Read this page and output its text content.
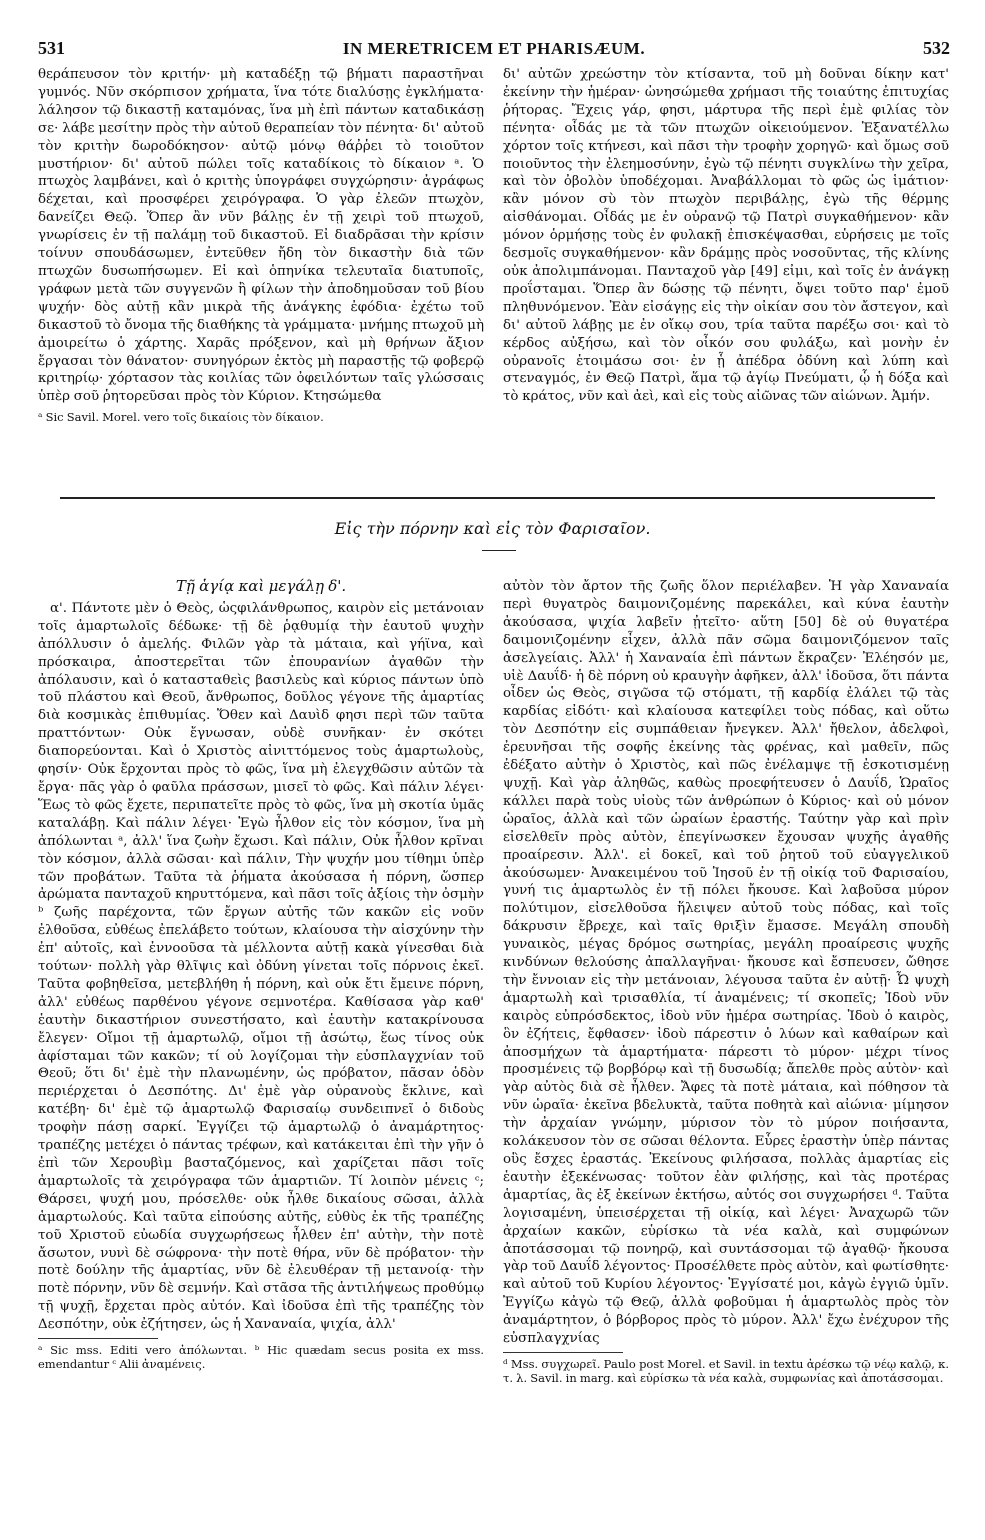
531	IN MERETRICEM ET PHARISÆUM.	532

θεράπευσον τὸν κριτήν· μὴ καταδέξῃ τῷ βήματι παραστῆναι γυμνός. Νῦν σκόρπισον χρήματα, ἵνα τότε διαλύσῃς ἐγκλήματα· λάλησον τῷ δικαστῇ καταμόνας, ἵνα μὴ ἐπὶ πάντων καταδικάσῃ σε· λάβε μεσίτην πρὸς τὴν αὐτοῦ θεραπείαν τὸν πένητα· δι' αὐτοῦ τὸν κριτὴν δωροδόκησον· αὐτῷ μόνῳ θάῤῥει τὸ τοιοῦτον μυστήριον· δι' αὐτοῦ πώλει τοῖς καταδίκοις τὸ δίκαιον ᵃ. Ὁ πτωχὸς λαμβάνει, καὶ ὁ κριτὴς ὑπογράφει συγχώρησιν· ἀγράφως δέχεται, καὶ προσφέρει χειρόγραφα. Ὁ γὰρ ἐλεῶν πτωχὸν, δανείζει Θεῷ. Ὅπερ ἂν νῦν βάλῃς ἐν τῇ χειρὶ τοῦ πτωχοῦ, γνωρίσεις ἐν τῇ παλάμῃ τοῦ δικαστοῦ. Εἰ διαδρᾶσαι τὴν κρίσιν τοίνυν σπουδάσωμεν, ἐντεῦθεν ἤδη τὸν δικαστὴν διὰ τῶν πτωχῶν δυσωπήσωμεν. Εἰ καὶ ὁπηνίκα τελευταῖα διατυποῖς, γράφων μετὰ τῶν συγγενῶν ἢ φίλων τὴν ἀποδημοῦσαν τοῦ βίου ψυχήν· δὸς αὐτῇ κἂν μικρὰ τῆς ἀνάγκης ἐφόδια· ἐχέτω τοῦ δικαστοῦ τὸ ὄνομα τῆς διαθήκης τὰ γράμματα· μνήμης πτωχοῦ μὴ ἀμοιρείτω ὁ χάρτης. Χαρᾶς πρόξενον, καὶ μὴ θρήνων ἄξιον ἔργασαι τὸν θάνατον· συνηγόρων ἐκτὸς μὴ παραστῇς τῷ φοβερῷ κριτηρίῳ· χόρτασον τὰς κοιλίας τῶν ὀφειλόντων ταῖς γλώσσαις ὑπὲρ σοῦ ῥητορεῦσαι πρὸς τὸν Κύριον. Κτησώμεθα

ᵃ Sic Savil. Morel. vero τοῖς δικαίοις τὸν δίκαιον.

δι' αὐτῶν χρεώστην τὸν κτίσαντα, τοῦ μὴ δοῦναι δίκην κατ' ἐκείνην τὴν ἡμέραν· ὠνησώμεθα χρήμασι τῆς τοιαύτης ἐπιτυχίας ῥήτορας. Ἔχεις γάρ, φησι, μάρτυρα τῆς περὶ ἐμὲ φιλίας τὸν πένητα· οἶδάς με τὰ τῶν πτωχῶν οἰκειούμενον. Ἐξανατέλλω χόρτον τοῖς κτήνεσι, καὶ πᾶσι τὴν τροφὴν χορηγῶ· καὶ ὅμως σοῦ ποιοῦντος τὴν ἐλεημοσύνην, ἐγὼ τῷ πένητι συγκλίνω τὴν χεῖρα, καὶ τὸν ὀβολὸν ὑποδέχομαι. Ἀναβάλλομαι τὸ φῶς ὡς ἱμάτιον· κἂν μόνον σὺ τὸν πτωχὸν περιβάλῃς, ἐγὼ τῆς θέρμης αἰσθάνομαι. Οἶδάς με ἐν οὐρανῷ τῷ Πατρὶ συγκαθήμενον· κἂν μόνον ὁρμήσῃς τοὺς ἐν φυλακῇ ἐπισκέψασθαι, εὑρήσεις με τοῖς δεσμοῖς συγκαθήμενον· κἂν δράμῃς πρὸς νοσοῦντας, τῆς κλίνης οὐκ ἀπολιμπάνομαι. Πανταχοῦ γὰρ [49] εἰμι, καὶ τοῖς ἐν ἀνάγκῃ προΐσταμαι. Ὅπερ ἂν δώσῃς τῷ πένητι, ὄψει τοῦτο παρ' ἐμοῦ πληθυνόμενον. Ἐὰν εἰσάγῃς εἰς τὴν οἰκίαν σου τὸν ἄστεγον, καὶ δι' αὐτοῦ λάβῃς με ἐν οἴκῳ σου, τρία ταῦτα παρέξω σοι· καὶ τὸ κέρδος αὐξήσω, καὶ τὸν οἶκόν σου φυλάξω, καὶ μονὴν ἐν οὐρανοῖς ἑτοιμάσω σοι· ἐν ᾗ ἀπέδρα ὀδύνη καὶ λύπη καὶ στεναγμός, ἐν Θεῷ Πατρὶ, ἅμα τῷ ἁγίῳ Πνεύματι, ᾧ ἡ δόξα καὶ τὸ κράτος, νῦν καὶ ἀεὶ, καὶ εἰς τοὺς αἰῶνας τῶν αἰώνων. Ἀμήν.

Εἰς τὴν πόρνην καὶ εἰς τὸν Φαρισαῖον.

Τῇ ἁγίᾳ καὶ μεγάλῃ δ'.

α'. Πάντοτε μὲν ὁ Θεὸς, ὡςφιλάνθρωπος, καιρὸν εἰς μετάνοιαν τοῖς ἁμαρτωλοῖς δέδωκε· τῇ δὲ ῥᾳθυμίᾳ τὴν ἑαυτοῦ ψυχὴν ἀπόλλυσιν ὁ ἀμελής. Φιλῶν γὰρ τὰ μάταια, καὶ γήϊνα, καὶ πρόσκαιρα, ἀποστερεῖται τῶν ἐπουρανίων ἀγαθῶν τὴν ἀπόλαυσιν, καὶ ὁ κατασταθεὶς βασιλεὺς καὶ κύριος πάντων ὑπὸ τοῦ πλάστου καὶ Θεοῦ, ἄνθρωπος, δοῦλος γέγονε τῆς ἁμαρτίας διὰ κοσμικὰς ἐπιθυμίας. Ὅθεν καὶ Δαυὶδ φησι περὶ τῶν ταῦτα πραττόντων· Οὐκ ἔγνωσαν, οὐδὲ συνῆκαν· ἐν σκότει διαπορεύονται. Καὶ ὁ Χριστὸς αἰνιττόμενος τοὺς ἁμαρτωλοὺς, φησίν· Οὐκ ἔρχονται πρὸς τὸ φῶς, ἵνα μὴ ἐλεγχθῶσιν αὐτῶν τὰ ἔργα· πᾶς γὰρ ὁ φαῦλα πράσσων, μισεῖ τὸ φῶς. Καὶ πάλιν λέγει· Ἕως τὸ φῶς ἔχετε, περιπατεῖτε πρὸς τὸ φῶς, ἵνα μὴ σκοτία ὑμᾶς καταλάβῃ. Καὶ πάλιν λέγει· Ἐγὼ ἦλθον εἰς τὸν κόσμον, ἵνα μὴ ἀπόλωνται ᵃ, ἀλλ' ἵνα ζωὴν ἔχωσι. Καὶ πάλιν, Οὐκ ἦλθον κρῖναι τὸν κόσμον, ἀλλὰ σῶσαι· καὶ πάλιν, Τὴν ψυχήν μου τίθημι ὑπὲρ τῶν προβάτων. Ταῦτα τὰ ῥήματα ἀκούσασα ἡ πόρνη, ὥσπερ ἀρώματα πανταχοῦ κηρυττόμενα, καὶ πᾶσι τοῖς ἀξίοις τὴν ὀσμὴν ᵇ ζωῆς παρέχοντα, τῶν ἔργων αὐτῆς τῶν κακῶν εἰς νοῦν ἐλθοῦσα, εὐθέως ἐπελάβετο τούτων, κλαίουσα τὴν αἰσχύνην τὴν ἐπ' αὐτοῖς, καὶ ἐννοοῦσα τὰ μέλλοντα αὐτῇ κακὰ γίνεσθαι διὰ τούτων· πολλὴ γὰρ θλῖψις καὶ ὀδύνη γίνεται τοῖς πόρνοις ἐκεῖ. Ταῦτα φοβηθεῖσα, μετεβλήθη ἡ πόρνη, καὶ οὐκ ἔτι ἔμεινε πόρνη, ἀλλ' εὐθέως παρθένου γέγονε σεμνοτέρα. Καθίσασα γὰρ καθ' ἑαυτὴν δικαστήριον συνεστήσατο, καὶ ἑαυτὴν κατακρίνουσα ἔλεγεν· Οἴμοι τῇ ἁμαρτωλῷ, οἴμοι τῇ ἀσώτῳ, ἕως τίνος οὐκ ἀφίσταμαι τῶν κακῶν; τί οὐ λογίζομαι τὴν εὐσπλαγχνίαν τοῦ Θεοῦ; ὅτι δι' ἐμὲ τὴν πλανωμένην, ὡς πρόβατον, πᾶσαν ὁδὸν περιέρχεται ὁ Δεσπότης. Δι' ἐμὲ γὰρ οὐρανοὺς ἔκλινε, καὶ κατέβη· δι' ἐμὲ τῷ ἁμαρτωλῷ Φαρισαίῳ συνδειπνεῖ ὁ διδοὺς τροφὴν πάσῃ σαρκί. Ἐγγίζει τῷ ἁμαρτωλῷ ὁ ἀναμάρτητος· τραπέζης μετέχει ὁ πάντας τρέφων, καὶ κατάκειται ἐπὶ τὴν γῆν ὁ ἐπὶ τῶν Χερουβὶμ βασταζόμενος, καὶ χαρίζεται πᾶσι τοῖς ἁμαρτωλοῖς τὰ χειρόγραφα τῶν ἁμαρτιῶν. Τί λοιπὸν μένεις ᶜ; Θάρσει, ψυχή μου, πρόσελθε· οὐκ ἦλθε δικαίους σῶσαι, ἀλλὰ ἁμαρτωλούς. Καὶ ταῦτα εἰπούσης αὐτῆς, εὐθὺς ἐκ τῆς τραπέζης τοῦ Χριστοῦ εὐωδία συγχωρήσεως ἦλθεν ἐπ' αὐτὴν, τὴν ποτὲ ἄσωτον, νυνὶ δὲ σώφρονα· τὴν ποτὲ θήρα, νῦν δὲ πρόβατον· τὴν ποτὲ δούλην τῆς ἁμαρτίας, νῦν δὲ ἐλευθέραν τῇ μετανοίᾳ· τὴν ποτὲ πόρνην, νῦν δὲ σεμνήν. Καὶ στᾶσα τῆς ἀντιλήψεως προθύμῳ τῇ ψυχῇ, ἔρχεται πρὸς αὐτόν. Καὶ ἰδοῦσα ἐπὶ τῆς τραπέζης τὸν Δεσπότην, οὐκ ἐζήτησεν, ὡς ἡ Χαναναία, ψιχία, ἀλλ'

ᵃ Sic mss. Editi vero ἀπόλωνται. ᵇ Hic quædam secus posita ex mss. emendantur ᶜ Alii ἀναμένεις.

αὐτὸν τὸν ἄρτον τῆς ζωῆς ὅλον περιέλαβεν. Ἡ γὰρ Χαναναία περὶ θυγατρὸς δαιμονιζομένης παρεκάλει, καὶ κύνα ἑαυτὴν ἀκούσασα, ψιχία λαβεῖν ᾐτεῖτο· αὕτη [50] δὲ οὐ θυγατέρα δαιμονιζομένην εἶχεν, ἀλλὰ πᾶν σῶμα δαιμονιζόμενον ταῖς ἀσελγείαις. Ἀλλ' ἡ Χαναναία ἐπὶ πάντων ἔκραζεν· Ἐλέησόν με, υἱὲ Δαυΐδ· ἡ δὲ πόρνη οὐ κραυγὴν ἀφῆκεν, ἀλλ' ἰδοῦσα, ὅτι πάντα οἶδεν ὡς Θεὸς, σιγῶσα τῷ στόματι, τῇ καρδίᾳ ἐλάλει τῷ τὰς καρδίας εἰδότι· καὶ κλαίουσα κατεφίλει τοὺς πόδας, καὶ οὕτω τὸν Δεσπότην εἰς συμπάθειαν ἤνεγκεν. Ἀλλ' ἤθελον, ἀδελφοὶ, ἐρευνῆσαι τῆς σοφῆς ἐκείνης τὰς φρένας, καὶ μαθεῖν, πῶς ἐδέξατο αὐτὴν ὁ Χριστὸς, καὶ πῶς ἐνέλαμψε τῇ ἐσκοτισμένῃ ψυχῇ. Καὶ γὰρ ἀληθῶς, καθὼς προεφήτευσεν ὁ Δαυΐδ, Ὡραῖος κάλλει παρὰ τοὺς υἱοὺς τῶν ἀνθρώπων ὁ Κύριος· καὶ οὐ μόνον ὡραῖος, ἀλλὰ καὶ τῶν ὡραίων ἐραστής. Ταύτην γὰρ καὶ πρὶν εἰσελθεῖν πρὸς αὐτὸν, ἐπεγίνωσκεν ἔχουσαν ψυχῆς ἀγαθῆς προαίρεσιν. Ἀλλ'. εἰ δοκεῖ, καὶ τοῦ ῥητοῦ τοῦ εὐαγγελικοῦ ἀκούσωμεν· Ἀνακειμένου τοῦ Ἰησοῦ ἐν τῇ οἰκίᾳ τοῦ Φαρισαίου, γυνή τις ἁμαρτωλὸς ἐν τῇ πόλει ἤκουσε. Καὶ λαβοῦσα μύρον πολύτιμον, εἰσελθοῦσα ἥλειψεν αὐτοῦ τοὺς πόδας, καὶ τοῖς δάκρυσιν ἔβρεχε, καὶ ταῖς θριξὶν ἔμασσε. Μεγάλη σπουδὴ γυναικὸς, μέγας δρόμος σωτηρίας, μεγάλη προαίρεσις ψυχῆς κινδύνων θελούσης ἀπαλλαγῆναι· ἤκουσε καὶ ἔσπευσεν, ὤθησε τὴν ἔννοιαν εἰς τὴν μετάνοιαν, λέγουσα ταῦτα ἐν αὐτῇ· Ὦ ψυχὴ ἁμαρτωλὴ καὶ τρισαθλία, τί ἀναμένεις; τί σκοπεῖς; Ἰδοὺ νῦν καιρὸς εὐπρόσδεκτος, ἰδοὺ νῦν ἡμέρα σωτηρίας. Ἰδοὺ ὁ καιρὸς, ὃν ἐζήτεις, ἔφθασεν· ἰδοὺ πάρεστιν ὁ λύων καὶ καθαίρων καὶ ἀποσμήχων τὰ ἁμαρτήματα· πάρεστι τὸ μύρον· μέχρι τίνος προσμένεις τῷ βορβόρῳ καὶ τῇ δυσωδίᾳ; ἄπελθε πρὸς αὐτὸν· καὶ γὰρ αὐτὸς διὰ σὲ ἦλθεν. Ἄφες τὰ ποτὲ μάταια, καὶ πόθησον τὰ νῦν ὡραῖα· ἐκεῖνα βδελυκτὰ, ταῦτα ποθητὰ καὶ αἰώνια· μίμησον τὴν ἀρχαίαν γνώμην, μύρισον τὸν τὸ μύρον ποιήσαντα, κολάκευσον τὸν σε σῶσαι θέλοντα. Εὗρες ἐραστὴν ὑπὲρ πάντας οὓς ἔσχες ἐραστάς. Ἐκείνους φιλήσασα, πολλὰς ἁμαρτίας εἰς ἑαυτὴν ἐξεκένωσας· τοῦτον ἐὰν φιλήσῃς, καὶ τὰς προτέρας ἁμαρτίας, ἃς ἐξ ἐκείνων ἐκτήσω, αὐτός σοι συγχωρήσει ᵈ. Ταῦτα λογισαμένη, ὑπεισέρχεται τῇ οἰκίᾳ, καὶ λέγει· Ἀναχωρῶ τῶν ἀρχαίων κακῶν, εὑρίσκω τὰ νέα καλὰ, καὶ συμφώνων ἀποτάσσομαι τῷ πονηρῷ, καὶ συντάσσομαι τῷ ἀγαθῷ· ἤκουσα γὰρ τοῦ Δαυΐδ λέγοντος· Προσέλθετε πρὸς αὐτὸν, καὶ φωτίσθητε· καὶ αὐτοῦ τοῦ Κυρίου λέγοντος· Ἐγγίσατέ μοι, κἀγὼ ἐγγιῶ ὑμῖν. Ἐγγίζω κἀγὼ τῷ Θεῷ, ἀλλὰ φοβοῦμαι ἡ ἁμαρτωλὸς πρὸς τὸν ἀναμάρτητον, ὁ βόρβορος πρὸς τὸ μύρον. Ἀλλ' ἔχω ἐνέχυρον τῆς εὐσπλαγχνίας

ᵈ Mss. συγχωρεῖ. Paulo post Morel. et Savil. in textu ἀρέσκω τῷ νέῳ καλῷ, κ. τ. λ. Savil. in marg. καὶ εὑρίσκω τὰ νέα καλὰ, συμφωνίας καὶ ἀποτάσσομαι.
